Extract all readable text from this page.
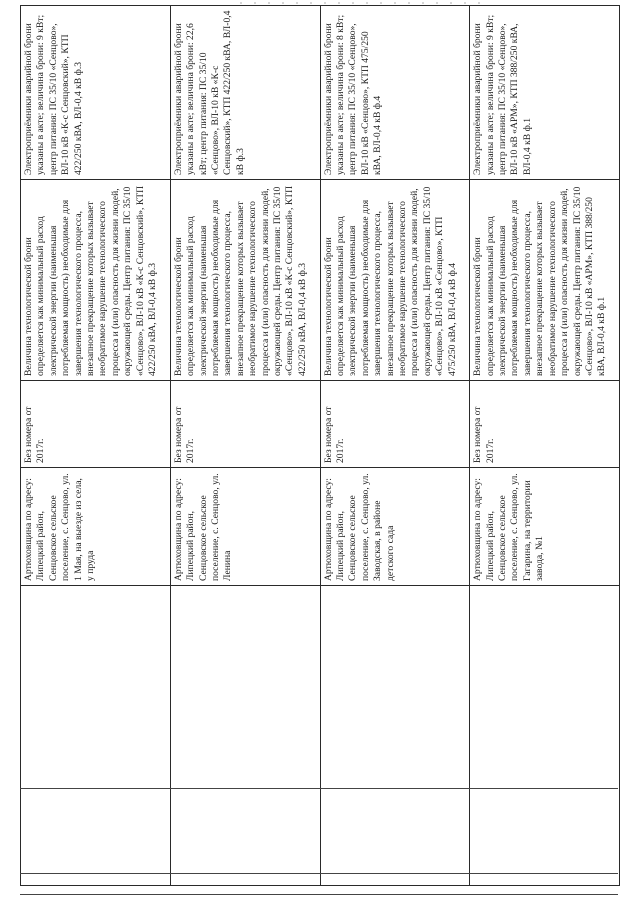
	Артюховщина по адресу: Липецкий район, Сенцовское сельское поселение, с. Сенцово, ул. 1 Мая, на выезде из села, у пруда	Без номера от 2017г.	Величина технологической брони определяется как минимальный расход электрической энергии (наименьшая потребляемая мощность) необходимые для завершения технологического процесса, внезапное прекращение которых вызывает необратимое нарушение технологического процесса и (или) опасность для жизни людей, окружающей среды. Центр питания: ПС 35/10 «Сенцово», ВЛ-10 кВ «К-с Сенцовский», КТП 422/250 кВА, ВЛ-0,4 кВ ф.3	Электроприёмники аварийной брони указаны в акте; величина брони: 9 кВт; центр питания: ПС 35/10 «Сенцово», ВЛ-10 кВ «К-с Сенцовский», КТП 422/250 кВА, ВЛ-0,4 кВ ф.3
	Артюховщина по адресу: Липецкий район, Сенцовское сельское поселение, с. Сенцово, ул. Ленина	Без номера от 2017г.	Величина технологической брони определяется как минимальный расход электрической энергии (наименьшая потребляемая мощность) необходимые для завершения технологического процесса, внезапное прекращение которых вызывает необратимое нарушение технологического процесса и (или) опасность для жизни людей, окружающей среды. Центр питания: ПС 35/10 «Сенцово», ВЛ-10 кВ «К-с Сенцовский», КТП 422/250 кВА, ВЛ-0,4 кВ ф.3	Электроприёмники аварийной брони указаны в акте; величина брони: 22,6 кВт; центр питания: ПС 35/10 «Сенцово», ВЛ-10 кВ «К-с Сенцовский», КТП 422/250 кВА, ВЛ-0,4 кВ ф.3
	Артюховщина по адресу: Липецкий район, Сенцовское сельское поселение, с. Сенцово, ул. Заводская, в районе детского сада	Без номера от 2017г.	Величина технологической брони определяется как минимальный расход электрической энергии (наименьшая потребляемая мощность) необходимые для завершения технологического процесса, внезапное прекращение которых вызывает необратимое нарушение технологического процесса и (или) опасность для жизни людей, окружающей среды. Центр питания: ПС 35/10 «Сенцово», ВЛ-10 кВ «Сенцово», КТП 475/250 кВА, ВЛ-0,4 кВ ф.4	Электроприёмники аварийной брони указаны в акте; величина брони: 8 кВт; центр питания: ПС 35/10 «Сенцово», ВЛ-10 кВ «Сенцово», КТП 475/250 кВА, ВЛ-0,4 кВ ф.4
	Артюховщина по адресу: Липецкий район, Сенцовское сельское поселение, с. Сенцово, ул. Гагарина, на территории завода, №1	Без номера от 2017г.	Величина технологической брони определяется как минимальный расход электрической энергии (наименьшая потребляемая мощность) необходимые для завершения технологического процесса, внезапное прекращение которых вызывает необратимое нарушение технологического процесса и (или) опасность для жизни людей, окружающей среды. Центр питания: ПС 35/10 «Сенцово», ВЛ-10 кВ «АРМ», КТП 388/250 кВА, ВЛ-0,4 кВ ф.1	Электроприёмники аварийной брони указаны в акте; величина брони: 9 кВт; центр питания: ПС 35/10 «Сенцово», ВЛ-10 кВ «АРМ», КТП 388/250 кВА, ВЛ-0,4 кВ ф.1
